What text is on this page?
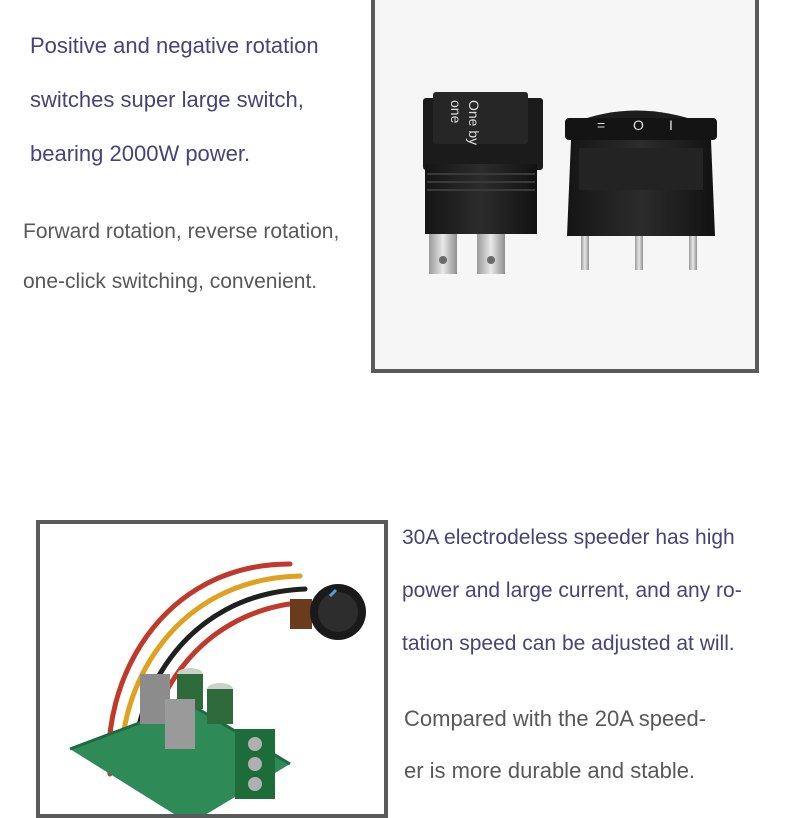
Positive and negative rotation

switches super large switch,

bearing 2000W power.

Forward rotation, reverse rotation,

one-click switching, convenient.

One by
one
= O I

30A electrodeless speeder has high

power and large current, and any ro-

tation speed can be adjusted at will.

Compared with the 20A speed-

er is more durable and stable.
